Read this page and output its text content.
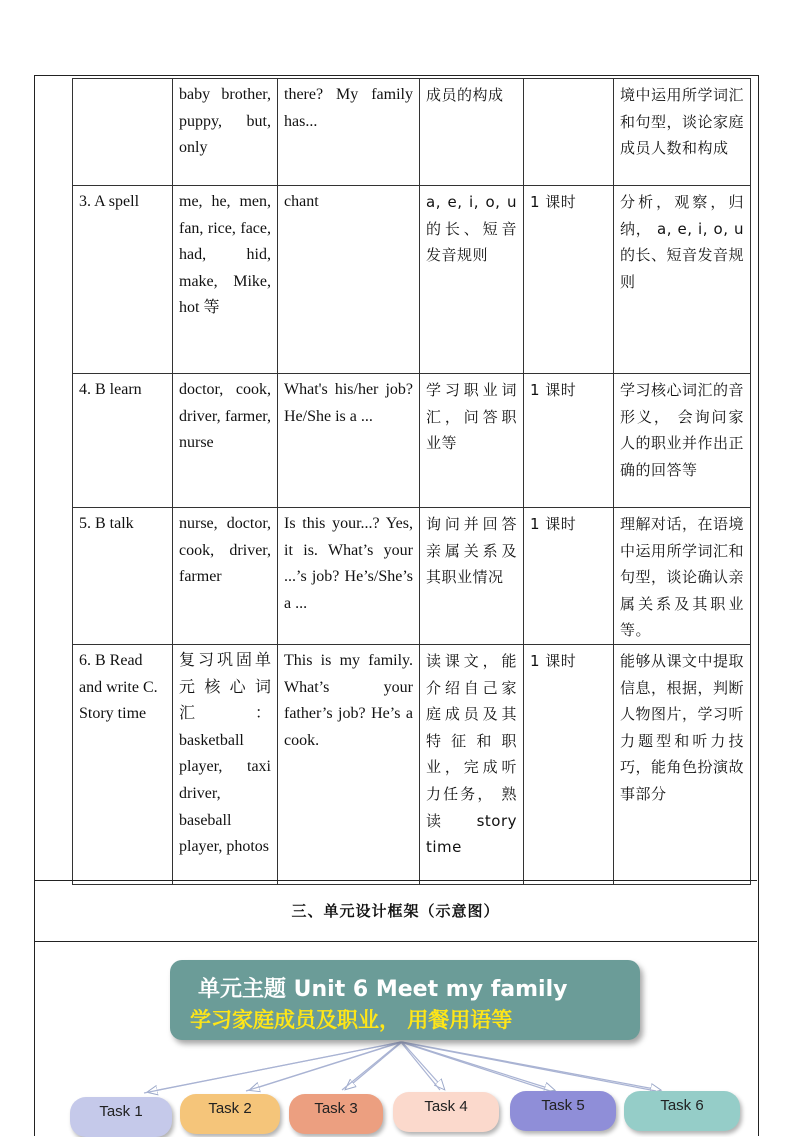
	baby brother, puppy, but, only	there? My family has...	成员的构成		境中运用所学词汇和句型，谈论家庭成员人数和构成
3. A spell	me, he, men, fan, rice, face, had, hid, make, Mike, hot 等	chant	a, e, i, o, u 的长、短音发音规则	1 课时	分析，观察，归纳， a, e, i, o, u 的长、短音发音规则
4. B learn	doctor, cook, driver, farmer, nurse	What's his/her job? He/She is a ...	学习职业词汇，问答职业等	1 课时	学习核心词汇的音形义， 会询问家人的职业并作出正确的回答等
5. B talk	nurse, doctor, cook, driver, farmer	Is this your...? Yes, it is. What’s your ...’s job? He’s/She’s a ...	询问并回答亲属关系及其职业情况	1 课时	理解对话，在语境中运用所学词汇和句型，谈论确认亲属关系及其职业等。
6. B Read and write C. Story time	复习巩固单元核心词汇： basketball player, taxi driver, baseball player, photos	This is my family. What’s your father’s job? He’s a cook.	读课文，能介绍自己家庭成员及其特征和职业，完成听力任务， 熟读 story time	1 课时	能够从课文中提取信息，根据，判断人物图片，学习听力题型和听力技巧，能角色扮演故事部分
三、单元设计框架（示意图）
单元主题 Unit 6 Meet my family
学习家庭成员及职业， 用餐用语等
Task 1	Task 2	Task 3	Task 4	Task 5	Task 6
